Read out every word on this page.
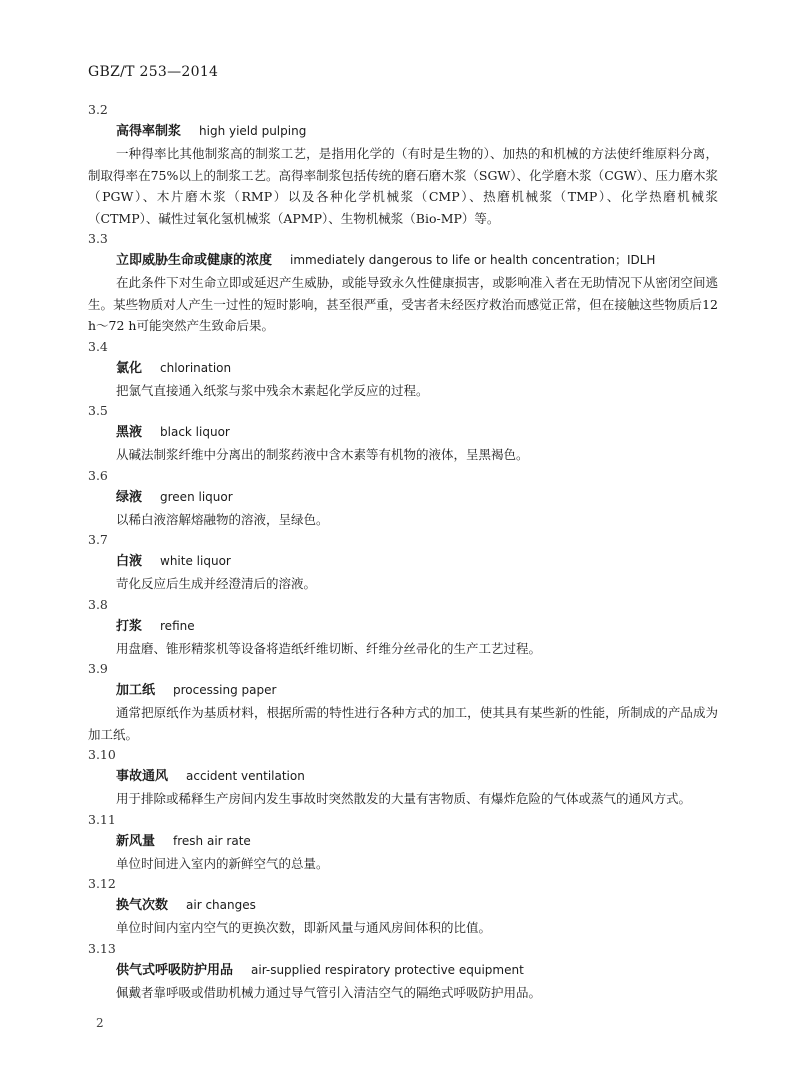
GBZ/T 253—2014
3.2
高得率制浆 high yield pulping

一种得率比其他制浆高的制浆工艺，是指用化学的（有时是生物的）、加热的和机械的方法使纤维原料分离，制取得率在75%以上的制浆工艺。高得率制浆包括传统的磨石磨木浆（SGW）、化学磨木浆（CGW）、压力磨木浆（PGW）、木片磨木浆（RMP）以及各种化学机械浆（CMP）、热磨机械浆（TMP）、化学热磨机械浆（CTMP）、碱性过氧化氢机械浆（APMP）、生物机械浆（Bio-MP）等。

3.3
立即威胁生命或健康的浓度 immediately dangerous to life or health concentration；IDLH

在此条件下对生命立即或延迟产生威胁，或能导致永久性健康损害，或影响准入者在无助情况下从密闭空间逃生。某些物质对人产生一过性的短时影响，甚至很严重，受害者未经医疗救治而感觉正常，但在接触这些物质后12 h～72 h可能突然产生致命后果。

3.4
氯化 chlorination

把氯气直接通入纸浆与浆中残余木素起化学反应的过程。

3.5
黑液 black liquor

从碱法制浆纤维中分离出的制浆药液中含木素等有机物的液体，呈黑褐色。

3.6
绿液 green liquor

以稀白液溶解熔融物的溶液，呈绿色。

3.7
白液 white liquor

苛化反应后生成并经澄清后的溶液。

3.8
打浆 refine

用盘磨、锥形精浆机等设备将造纸纤维切断、纤维分丝帚化的生产工艺过程。

3.9
加工纸 processing paper

通常把原纸作为基质材料，根据所需的特性进行各种方式的加工，使其具有某些新的性能，所制成的产品成为加工纸。

3.10
事故通风 accident ventilation

用于排除或稀释生产房间内发生事故时突然散发的大量有害物质、有爆炸危险的气体或蒸气的通风方式。

3.11
新风量 fresh air rate

单位时间进入室内的新鲜空气的总量。

3.12
换气次数 air changes

单位时间内室内空气的更换次数，即新风量与通风房间体积的比值。

3.13
供气式呼吸防护用品 air-supplied respiratory protective equipment

佩戴者靠呼吸或借助机械力通过导气管引入清洁空气的隔绝式呼吸防护用品。

2
